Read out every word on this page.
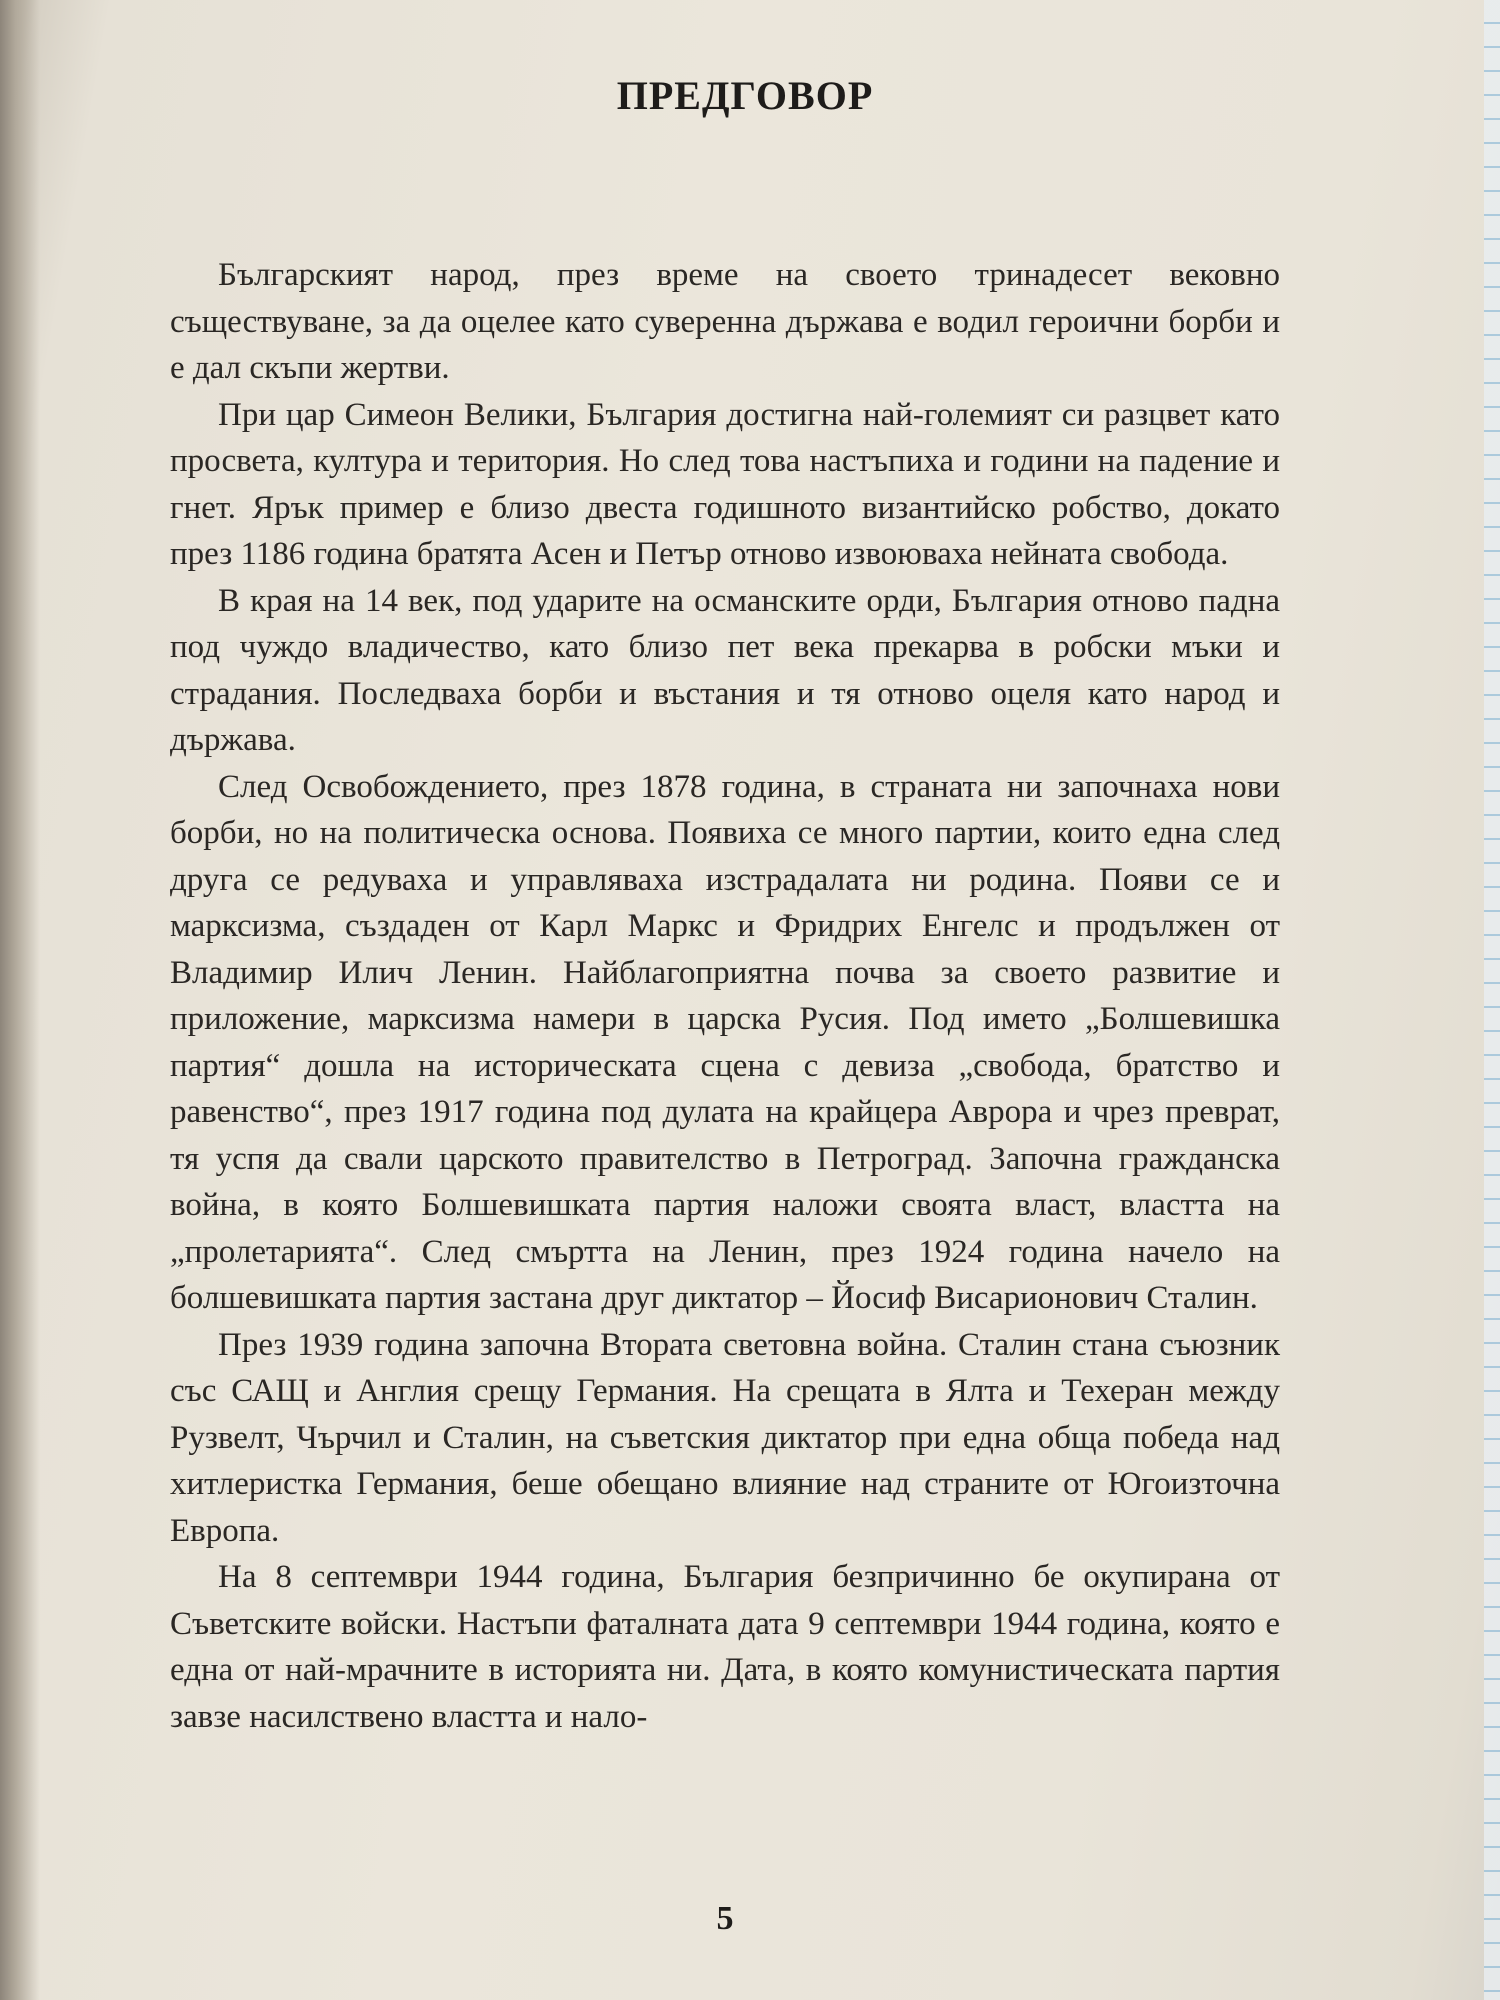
ПРЕДГОВОР

Българският народ, през време на своето тринадесет вековно съществуване, за да оцелее като суверенна държава е водил героични борби и е дал скъпи жертви.

При цар Симеон Велики, България достигна най-големият си разцвет като просвета, култура и територия. Но след това настъпиха и години на падение и гнет. Ярък пример е близо двеста годишното византийско робство, докато през 1186 година братята Асен и Петър отново извоюваха нейната свобода.

В края на 14 век, под ударите на османските орди, България отново падна под чуждо владичество, като близо пет века прекарва в робски мъки и страдания. Последваха борби и въстания и тя отново оцеля като народ и държава.

След Освобождението, през 1878 година, в страната ни започнаха нови борби, но на политическа основа. Появиха се много партии, които една след друга се редуваха и управляваха изстрадалата ни родина. Появи се и марксизма, създаден от Карл Маркс и Фридрих Енгелс и продължен от Владимир Илич Ленин. Найблагоприятна почва за своето развитие и приложение, марксизма намери в царска Русия. Под името „Болшевишка партия“ дошла на историческата сцена с девиза „свобода, братство и равенство“, през 1917 година под дулата на крайцера Аврора и чрез преврат, тя успя да свали царското правителство в Петроград. Започна гражданска война, в която Болшевишката партия наложи своята власт, властта на „пролетарията“. След смъртта на Ленин, през 1924 година начело на болшевишката партия застана друг диктатор – Йосиф Висарионович Сталин.

През 1939 година започна Втората световна война. Сталин стана съюзник със САЩ и Англия срещу Германия. На срещата в Ялта и Техеран между Рузвелт, Чърчил и Сталин, на съветския диктатор при една обща победа над хитлеристка Германия, беше обещано влияние над страните от Югоизточна Европа.

На 8 септември 1944 година, България безпричинно бе окупирана от Съветските войски. Настъпи фаталната дата 9 септември 1944 година, която е една от най-мрачните в историята ни. Дата, в която комунистическата партия завзе насилствено властта и нало-

5
